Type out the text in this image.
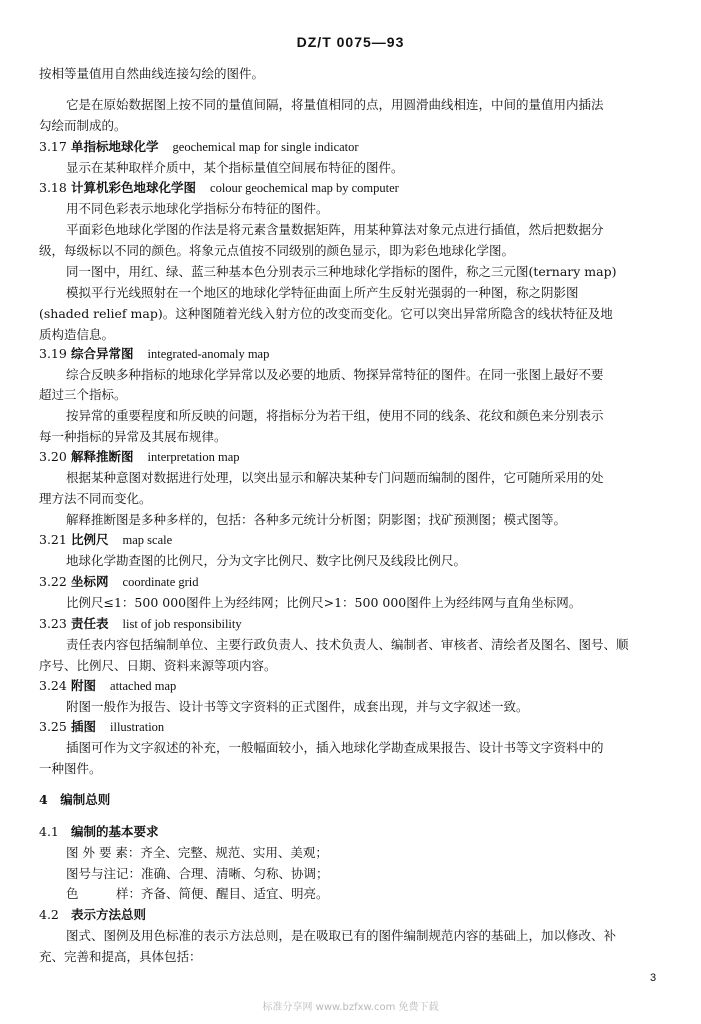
DZ/T 0075—93
按相等量值用自然曲线连接勾绘的图件。
它是在原始数据图上按不同的量值间隔，将量值相同的点，用圆滑曲线相连，中间的量值用内插法
勾绘而制成的。
3.17 单指标地球化学 geochemical map for single indicator
显示在某种取样介质中，某个指标量值空间展布特征的图件。
3.18 计算机彩色地球化学图 colour geochemical map by computer
用不同色彩表示地球化学指标分布特征的图件。
平面彩色地球化学图的作法是将元素含量数据矩阵，用某种算法对象元点进行插值，然后把数据分
级，每级标以不同的颜色。将象元点值按不同级别的颜色显示，即为彩色地球化学图。
同一图中，用红、绿、蓝三种基本色分别表示三种地球化学指标的图件，称之三元图(ternary map)
模拟平行光线照射在一个地区的地球化学特征曲面上所产生反射光强弱的一种图，称之阴影图
(shaded relief map)。这种图随着光线入射方位的改变而变化。它可以突出异常所隐含的线状特征及地
质构造信息。
3.19 综合异常图 integrated-anomaly map
综合反映多种指标的地球化学异常以及必要的地质、物探异常特征的图件。在同一张图上最好不要
超过三个指标。
按异常的重要程度和所反映的问题，将指标分为若干组，使用不同的线条、花纹和颜色来分别表示
每一种指标的异常及其展布规律。
3.20 解释推断图 interpretation map
根据某种意图对数据进行处理，以突出显示和解决某种专门问题而编制的图件，它可随所采用的处
理方法不同而变化。
解释推断图是多种多样的，包括：各种多元统计分析图；阴影图；找矿预测图；模式图等。
3.21 比例尺 map scale
地球化学勘查图的比例尺，分为文字比例尺、数字比例尺及线段比例尺。
3.22 坐标网 coordinate grid
比例尺≤1：500 000图件上为经纬网；比例尺>1：500 000图件上为经纬网与直角坐标网。
3.23 责任表 list of job responsibility
责任表内容包括编制单位、主要行政负责人、技术负责人、编制者、审核者、清绘者及图名、图号、顺
序号、比例尺、日期、资料来源等项内容。
3.24 附图 attached map
附图一般作为报告、设计书等文字资料的正式图件，成套出现，并与文字叙述一致。
3.25 插图 illustration
插图可作为文字叙述的补充，一般幅面较小，插入地球化学勘查成果报告、设计书等文字资料中的
一种图件。
4　编制总则
4.1 编制的基本要求
图 外 要 素：齐全、完整、规范、实用、美观；
图号与注记：准确、合理、清晰、匀称、协调；
色　　　样：齐备、简便、醒目、适宜、明亮。
4.2 表示方法总则
图式、图例及用色标准的表示方法总则，是在吸取已有的图件编制规范内容的基础上，加以修改、补
充、完善和提高，具体包括：
3
标准分享网 www.bzfxw.com 免费下载
